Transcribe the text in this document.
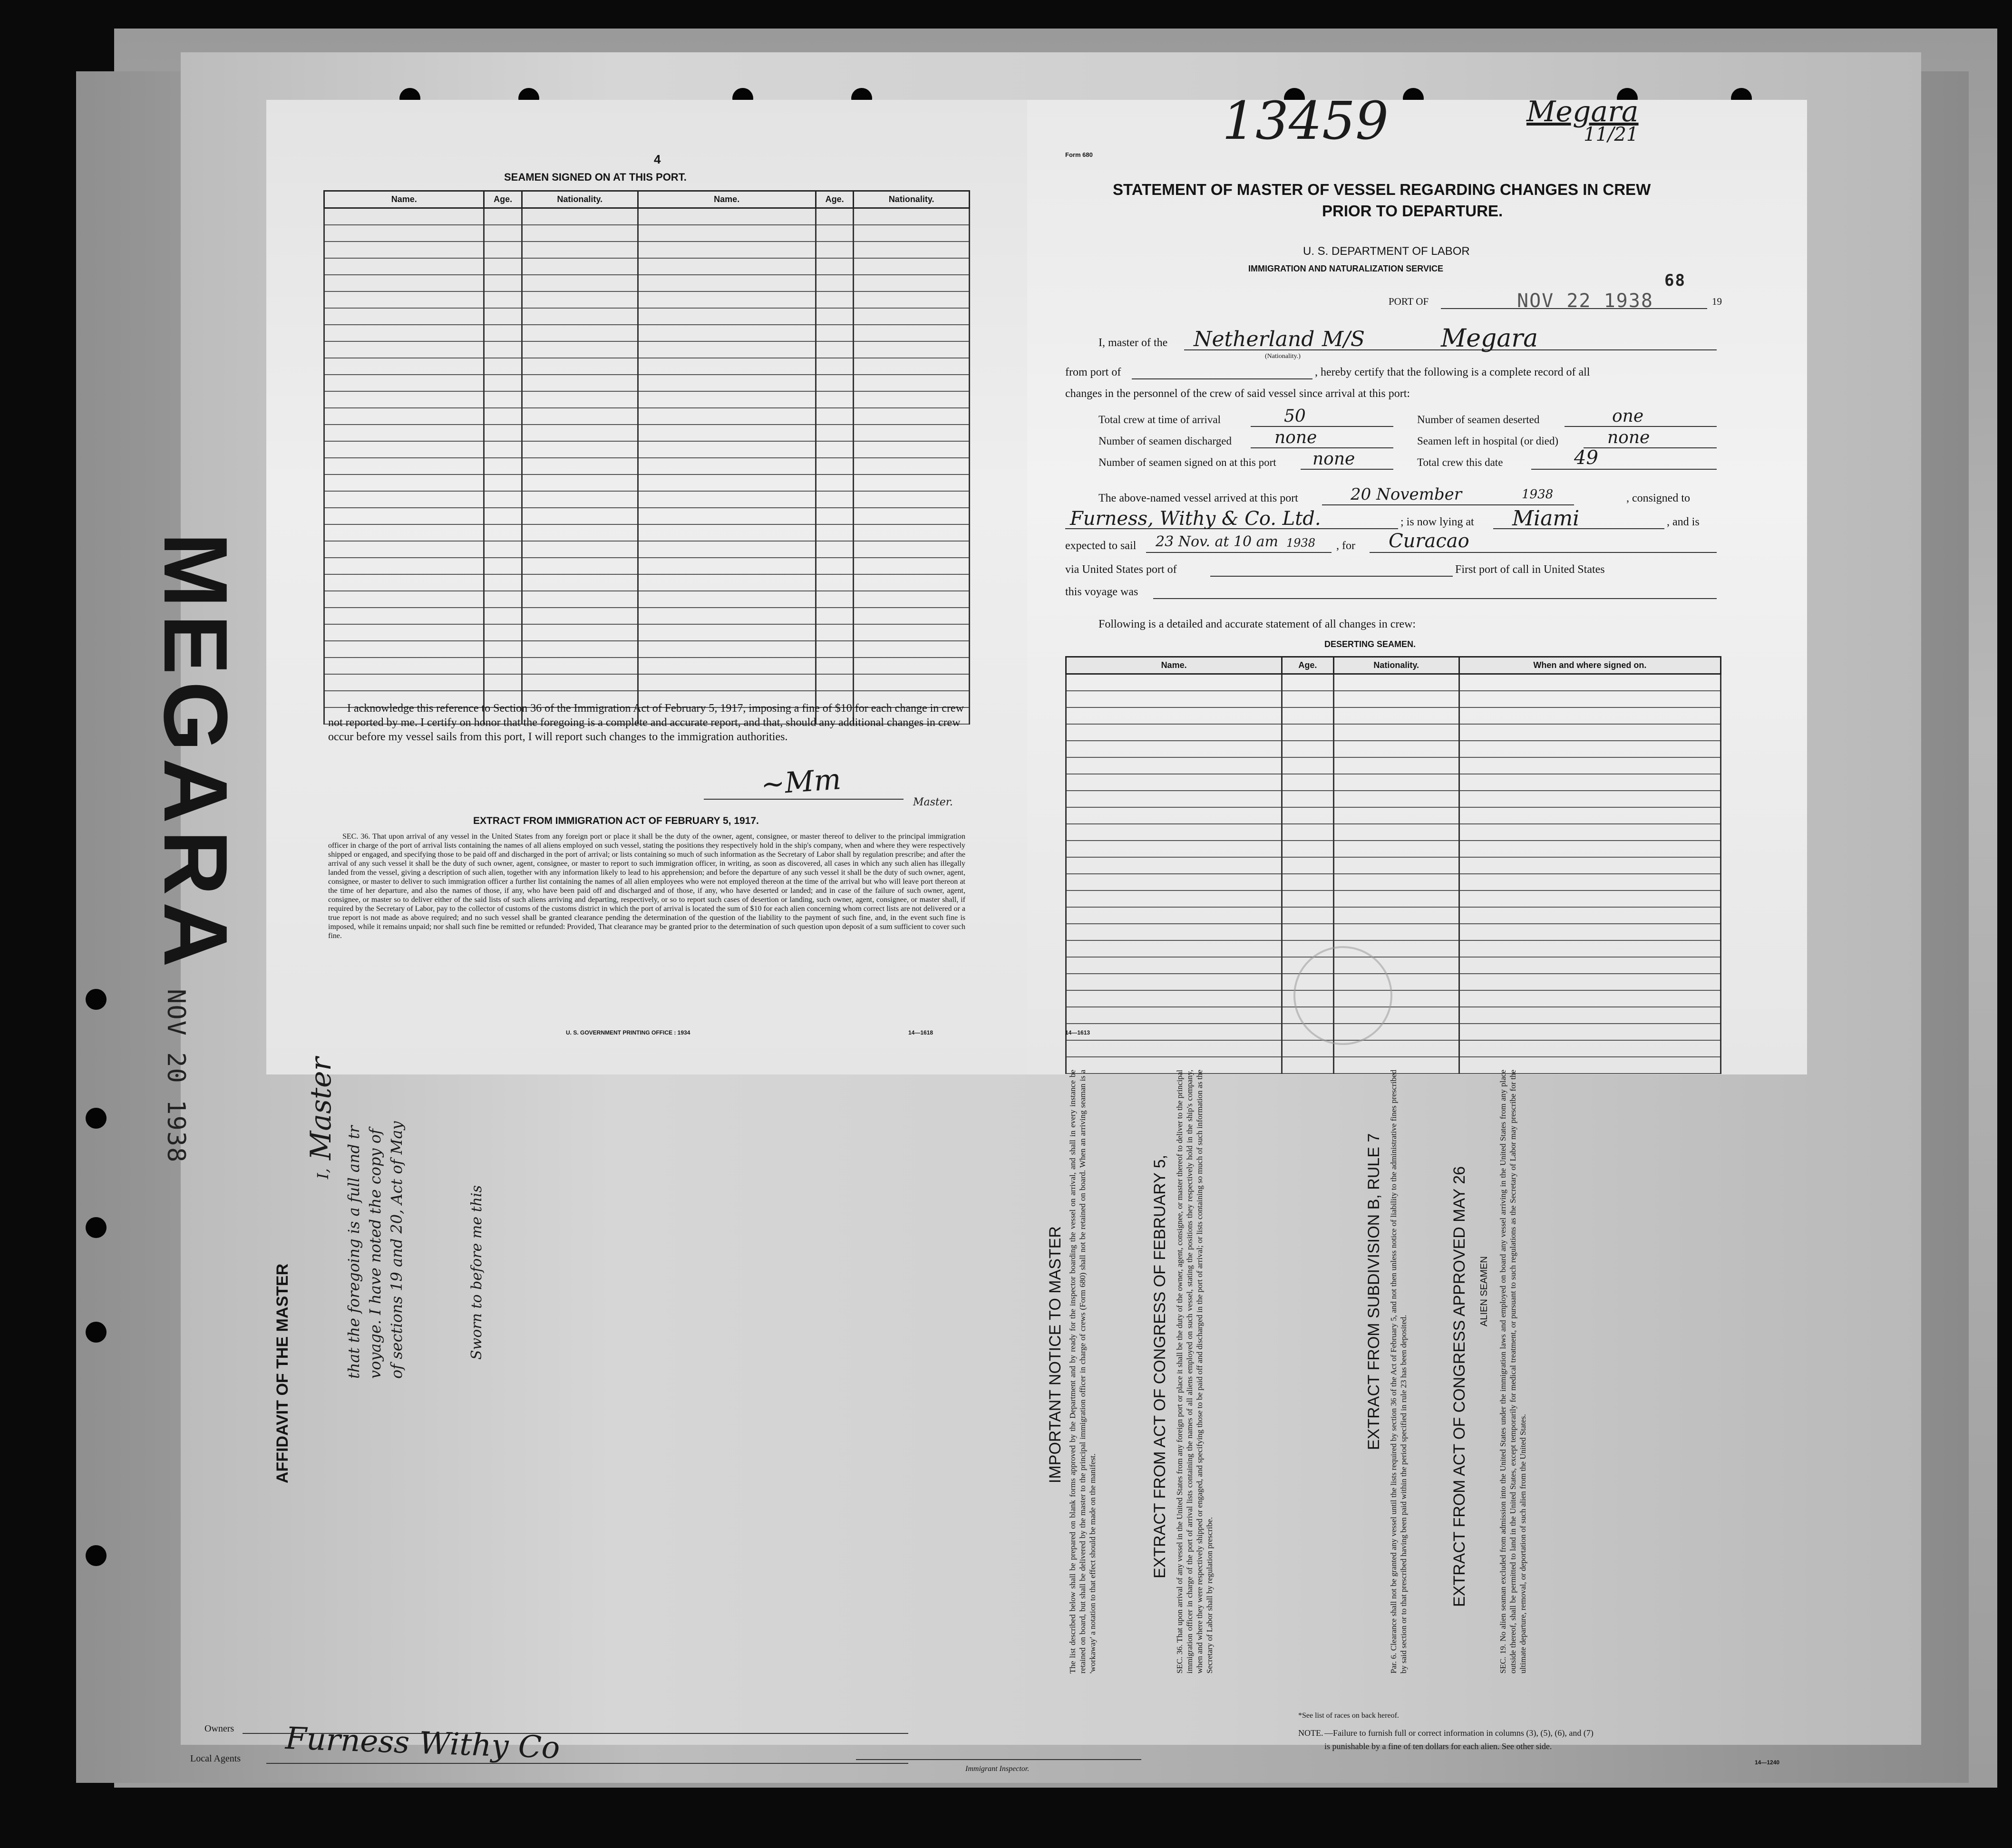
MEGARA
NOV 20 1938
4
SEAMEN SIGNED ON AT THIS PORT.
Name.	Age.	Nationality.	Name.	Age.	Nationality.

I acknowledge this reference to Section 36 of the Immigration Act of February 5, 1917, imposing a fine of $10 for each change in crew not reported by me. I certify on honor that the foregoing is a complete and accurate report, and that, should any additional changes in crew occur before my vessel sails from this port, I will report such changes to the immigration authorities.
~Mm
Master.
EXTRACT FROM IMMIGRATION ACT OF FEBRUARY 5, 1917.
SEC. 36. That upon arrival of any vessel in the United States from any foreign port or place it shall be the duty of the owner, agent, consignee, or master thereof to deliver to the principal immigration officer in charge of the port of arrival lists containing the names of all aliens employed on such vessel, stating the positions they respectively hold in the ship's company, when and where they were respectively shipped or engaged, and specifying those to be paid off and discharged in the port of arrival; or lists containing so much of such information as the Secretary of Labor shall by regulation prescribe; and after the arrival of any such vessel it shall be the duty of such owner, agent, consignee, or master to report to such immigration officer, in writing, as soon as discovered, all cases in which any such alien has illegally landed from the vessel, giving a description of such alien, together with any information likely to lead to his apprehension; and before the departure of any such vessel it shall be the duty of such owner, agent, consignee, or master to deliver to such immigration officer a further list containing the names of all alien employees who were not employed thereon at the time of the arrival but who will leave port thereon at the time of her departure, and also the names of those, if any, who have been paid off and discharged and of those, if any, who have deserted or landed; and in case of the failure of such owner, agent, consignee, or master so to deliver either of the said lists of such aliens arriving and departing, respectively, or so to report such cases of desertion or landing, such owner, agent, consignee, or master shall, if required by the Secretary of Labor, pay to the collector of customs of the customs district in which the port of arrival is located the sum of $10 for each alien concerning whom correct lists are not delivered or a true report is not made as above required; and no such vessel shall be granted clearance pending the determination of the question of the liability to the payment of such fine, and, in the event such fine is imposed, while it remains unpaid; nor shall such fine be remitted or refunded: Provided, That clearance may be granted prior to the determination of such question upon deposit of a sum sufficient to cover such fine.
U. S. GOVERNMENT PRINTING OFFICE : 1934	14—1618
Form 680
13459	Megara
11/21
STATEMENT OF MASTER OF VESSEL REGARDING CHANGES IN CREW
PRIOR TO DEPARTURE.
U. S. DEPARTMENT OF LABOR
IMMIGRATION AND NATURALIZATION SERVICE
68
PORT OF	NOV 22 1938	19
I, master of the Netherland M/S	Megara
(Nationality.)
from port of	, hereby certify that the following is a complete record of all
changes in the personnel of the crew of said vessel since arrival at this port:
Total crew at time of arrival	50	Number of seamen deserted	one
Number of seamen discharged	none	Seamen left in hospital (or died)	none
Number of seamen signed on at this port none	Total crew this date	49
The above-named vessel arrived at this port	20 November	1938	, consigned to
Furness, Withy & Co. Ltd.	; is now lying at Miami	, and is
expected to sail 23 Nov. at 10 am 1938 , for Curacao
via United States port of	First port of call in United States
this voyage was
Following is a detailed and accurate statement of all changes in crew:
DESERTING SEAMEN.
Name.	Age.	Nationality.	When and where signed on.

14—1613
AFFIDAVIT OF THE MASTER
I,
Master
that the foregoing is a full and tr voyage. I have noted the copy of of sections 19 and 20, Act of May	Sworn to before me this	IMPORTANT NOTICE TO MASTER The list described below shall be prepared on blank forms approved by the Department and by ready for the inspector boarding the vessel on arrival, and shall in every instance be retained on board, but shall be delivered by the master to the principal immigration officer in charge of crews (Form 680) shall not be retained on board. When an arriving seaman is a 'workaway' a notation to that effect should be made on the manifest.	EXTRACT FROM ACT OF CONGRESS OF FEBRUARY 5, SEC. 36. That upon arrival of any vessel in the United States from any foreign port or place it shall be the duty of the owner, agent, consignee, or master thereof to deliver to the principal immigration officer in charge of the port of arrival lists containing the names of all aliens employed on such vessel, stating the positions they respectively hold in the ship's company, when and where they were respectively shipped or engaged, and specifying those to be paid off and discharged in the port of arrival; or lists containing so much of such information as the Secretary of Labor shall by regulation prescribe.
EXTRACT FROM SUBDIVISION B, RULE 7 Par. 6. Clearance shall not be granted any vessel until the lists required by section 36 of the Act of February 5, and not then unless notice of liability to the administrative fines prescribed by said section or to that prescribed having been paid within the period specified in rule 23 has been deposited.	EXTRACT FROM ACT OF CONGRESS APPROVED MAY 26 ALIEN SEAMEN SEC. 19. No alien seaman excluded from admission into the United States under the immigration laws and employed on board any vessel arriving in the United States from any place outside thereof, shall be permitted to land in the United States, except temporarily for medical treatment, or pursuant to such regulations as the Secretary of Labor may prescribe for the ultimate departure, removal, or deportation of such alien from the United States.
Owners
Local Agents Furness Withy Co
Immigrant Inspector.
*See list of races on back hereof.
NOTE. —Failure to furnish full or correct information in columns (3), (5), (6), and (7)
is punishable by a fine of ten dollars for each alien. See other side.
14—1240
